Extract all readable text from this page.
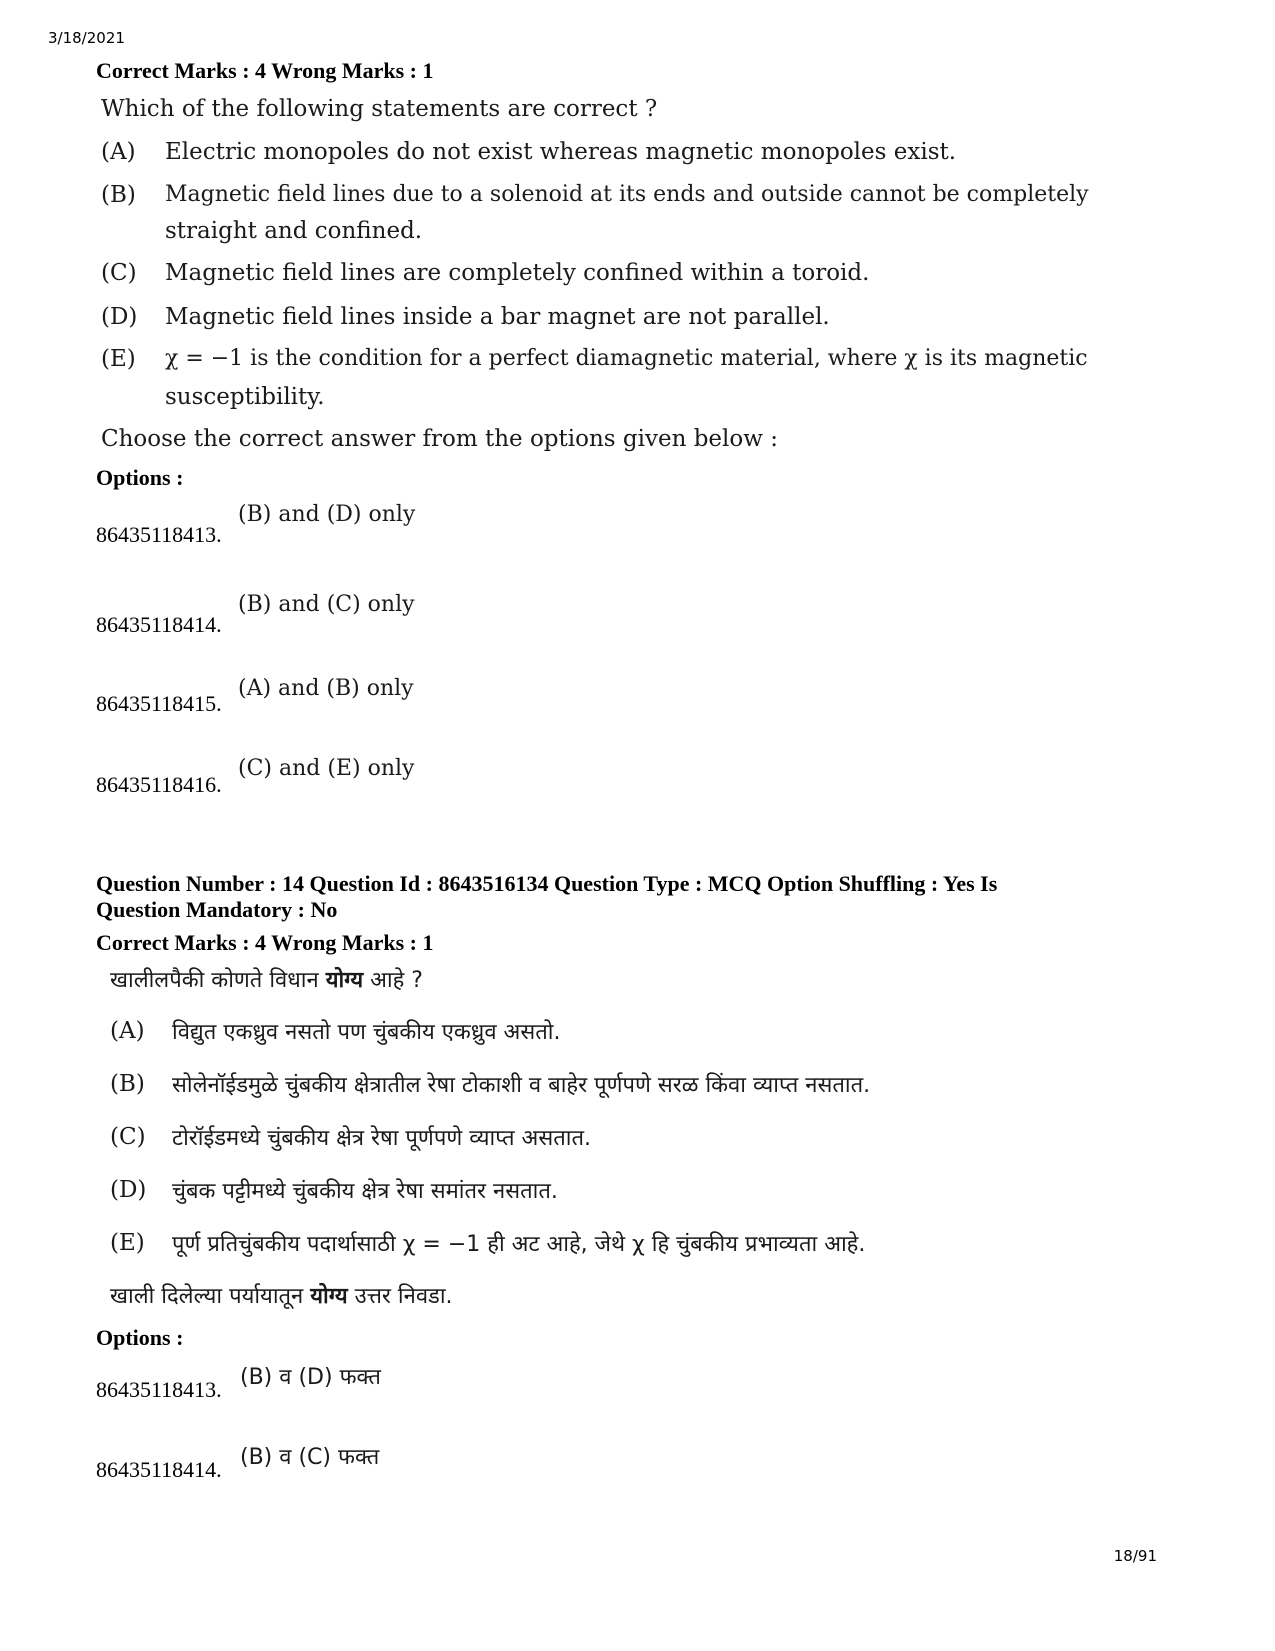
3/18/2021
Correct Marks : 4 Wrong Marks : 1
Which of the following statements are correct ?
(A) Electric monopoles do not exist whereas magnetic monopoles exist.
(B) Magnetic field lines due to a solenoid at its ends and outside cannot be completely
straight and confined.
(C) Magnetic field lines are completely confined within a toroid.
(D) Magnetic field lines inside a bar magnet are not parallel.
(E) χ = −1 is the condition for a perfect diamagnetic material, where χ is its magnetic
susceptibility.
Choose the correct answer from the options given below :
Options :
86435118413.
(B) and (D) only
86435118414.
(B) and (C) only
86435118415.
(A) and (B) only
86435118416.
(C) and (E) only
Question Number : 14 Question Id : 8643516134 Question Type : MCQ Option Shuffling : Yes Is
Question Mandatory : No
Correct Marks : 4 Wrong Marks : 1
खालीलपैकी कोणते विधान योग्य आहे ?
(A) विद्युत एकध्रुव नसतो पण चुंबकीय एकध्रुव असतो.
(B) सोलेनॉईडमुळे चुंबकीय क्षेत्रातील रेषा टोकाशी व बाहेर पूर्णपणे सरळ किंवा व्याप्त नसतात.
(C) टोरॉईडमध्ये चुंबकीय क्षेत्र रेषा पूर्णपणे व्याप्त असतात.
(D) चुंबक पट्टीमध्ये चुंबकीय क्षेत्र रेषा समांतर नसतात.
(E) पूर्ण प्रतिचुंबकीय पदार्थासाठी χ = −1 ही अट आहे, जेथे χ हि चुंबकीय प्रभाव्यता आहे.
खाली दिलेल्या पर्यायातून योग्य उत्तर निवडा.
Options :
86435118413. (B) व (D) फक्त
86435118414. (B) व (C) फक्त
18/91
